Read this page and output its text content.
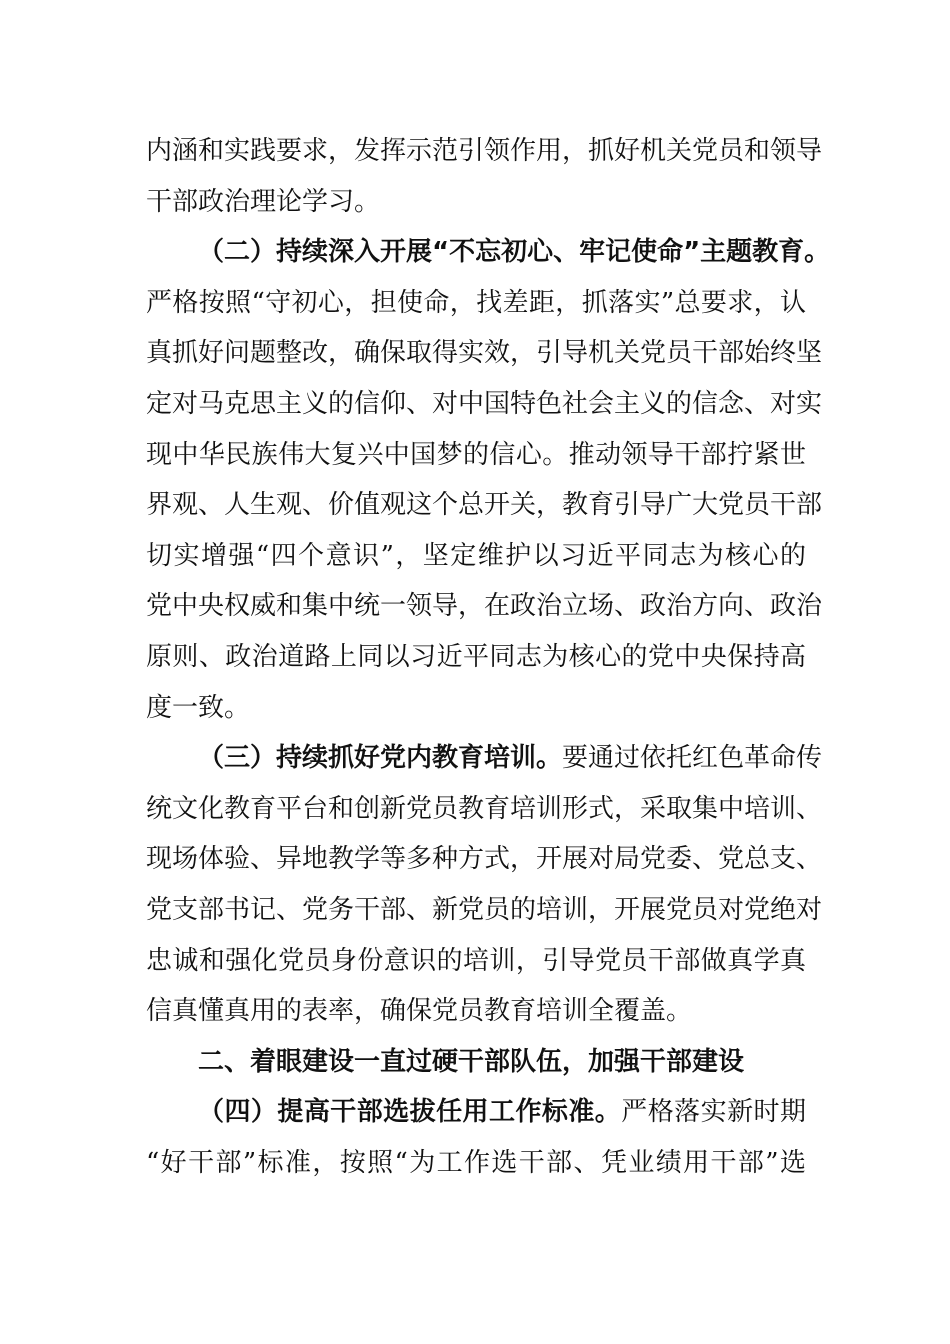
内涵和实践要求，发挥示范引领作用，抓好机关党员和领导
干部政治理论学习。
（二）持续深入开展“不忘初心、牢记使命”主题教育。
严格按照“守初心，担使命，找差距，抓落实”总要求，认
真抓好问题整改，确保取得实效，引导机关党员干部始终坚
定对马克思主义的信仰、对中国特色社会主义的信念、对实
现中华民族伟大复兴中国梦的信心。推动领导干部拧紧世
界观、人生观、价值观这个总开关，教育引导广大党员干部
切实增强“四个意识”，坚定维护以习近平同志为核心的
党中央权威和集中统一领导，在政治立场、政治方向、政治
原则、政治道路上同以习近平同志为核心的党中央保持高
度一致。
（三）持续抓好党内教育培训。要通过依托红色革命传
统文化教育平台和创新党员教育培训形式，采取集中培训、
现场体验、异地教学等多种方式，开展对局党委、党总支、
党支部书记、党务干部、新党员的培训，开展党员对党绝对
忠诚和强化党员身份意识的培训，引导党员干部做真学真
信真懂真用的表率，确保党员教育培训全覆盖。
二、着眼建设一直过硬干部队伍，加强干部建设
（四）提高干部选拔任用工作标准。严格落实新时期
“好干部”标准，按照“为工作选干部、凭业绩用干部”选
